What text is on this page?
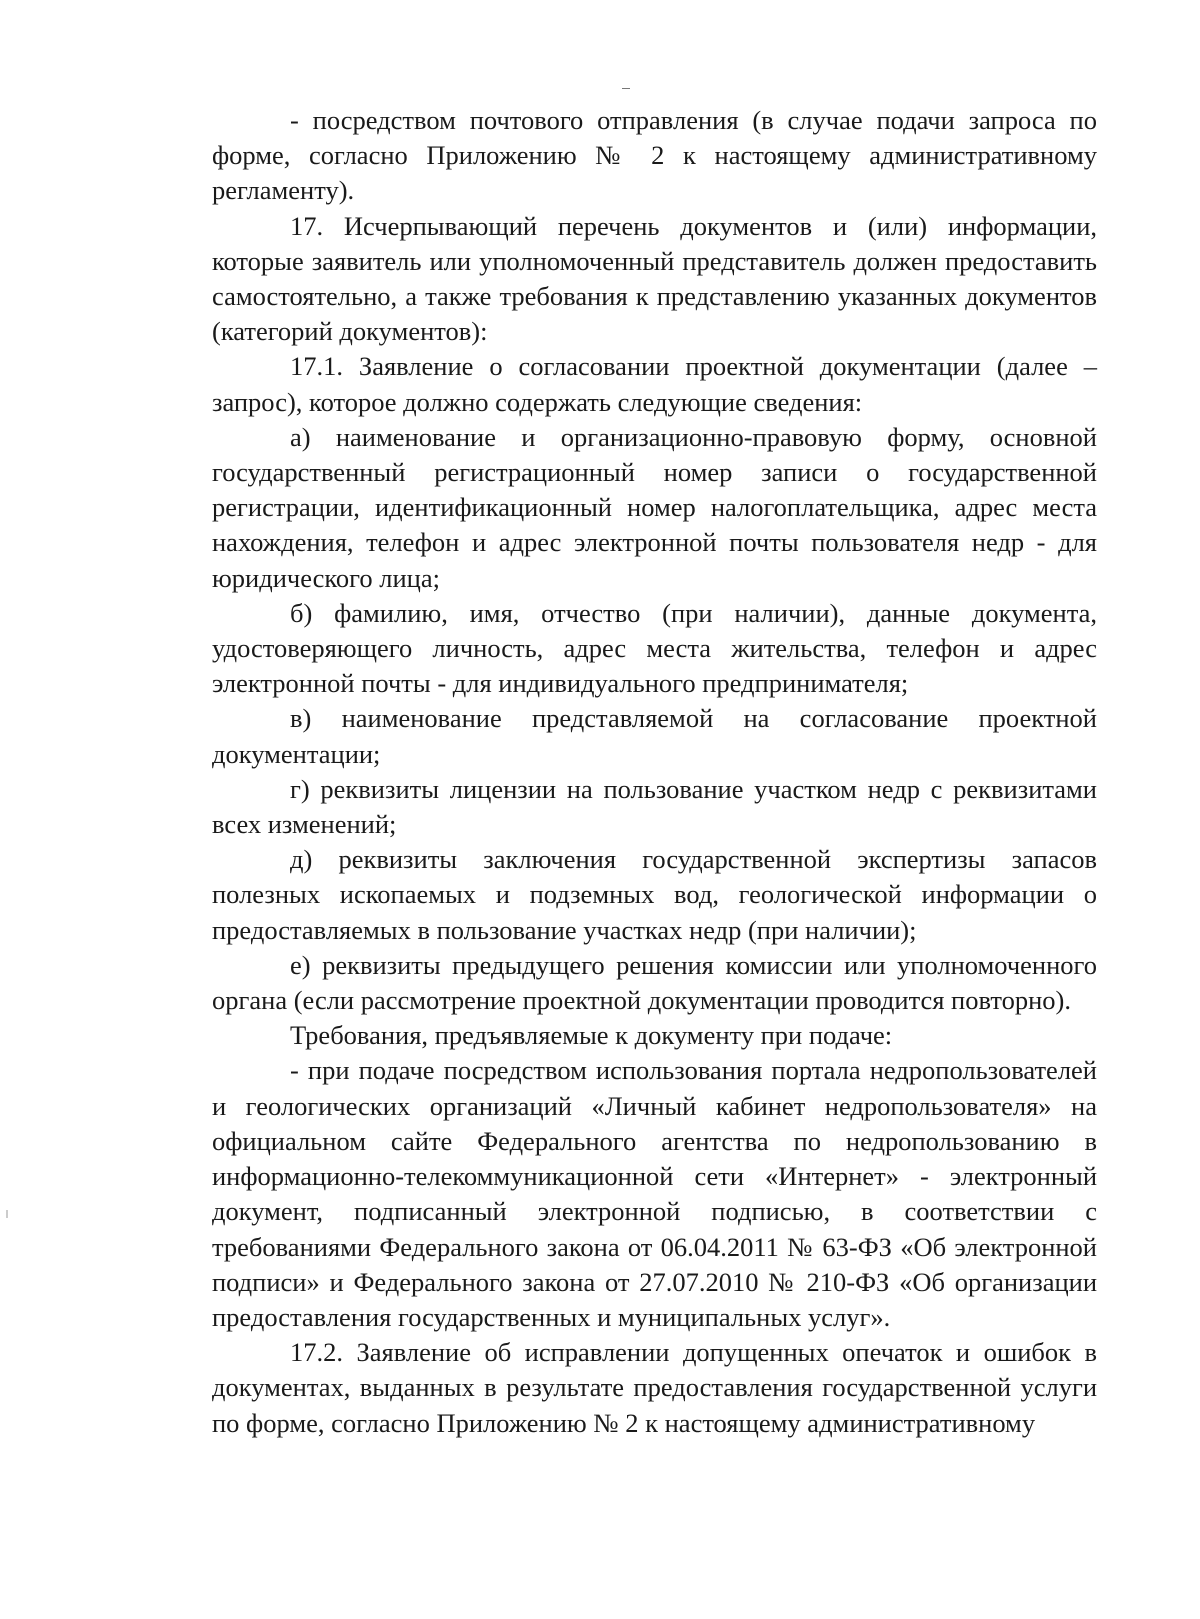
- посредством почтового отправления (в случае подачи запроса по форме, согласно Приложению № 2 к настоящему административному регламенту).

17. Исчерпывающий перечень документов и (или) информации, которые заявитель или уполномоченный представитель должен предоставить самостоятельно, а также требования к представлению указанных документов (категорий документов):

17.1. Заявление о согласовании проектной документации (далее – запрос), которое должно содержать следующие сведения:

а) наименование и организационно-правовую форму, основной государственный регистрационный номер записи о государственной регистрации, идентификационный номер налогоплательщика, адрес места нахождения, телефон и адрес электронной почты пользователя недр - для юридического лица;

б) фамилию, имя, отчество (при наличии), данные документа, удостоверяющего личность, адрес места жительства, телефон и адрес электронной почты - для индивидуального предпринимателя;

в) наименование представляемой на согласование проектной документации;

г) реквизиты лицензии на пользование участком недр с реквизитами всех изменений;

д) реквизиты заключения государственной экспертизы запасов полезных ископаемых и подземных вод, геологической информации о предоставляемых в пользование участках недр (при наличии);

е) реквизиты предыдущего решения комиссии или уполномоченного органа (если рассмотрение проектной документации проводится повторно).

Требования, предъявляемые к документу при подаче:

- при подаче посредством использования портала недропользователей и геологических организаций «Личный кабинет недропользователя» на официальном сайте Федерального агентства по недропользованию в информационно-телекоммуникационной сети «Интернет» - электронный документ, подписанный электронной подписью, в соответствии с требованиями Федерального закона от 06.04.2011 № 63-ФЗ «Об электронной подписи» и Федерального закона от 27.07.2010 № 210-ФЗ «Об организации предоставления государственных и муниципальных услуг».

17.2. Заявление об исправлении допущенных опечаток и ошибок в документах, выданных в результате предоставления государственной услуги по форме, согласно Приложению № 2 к настоящему административному
